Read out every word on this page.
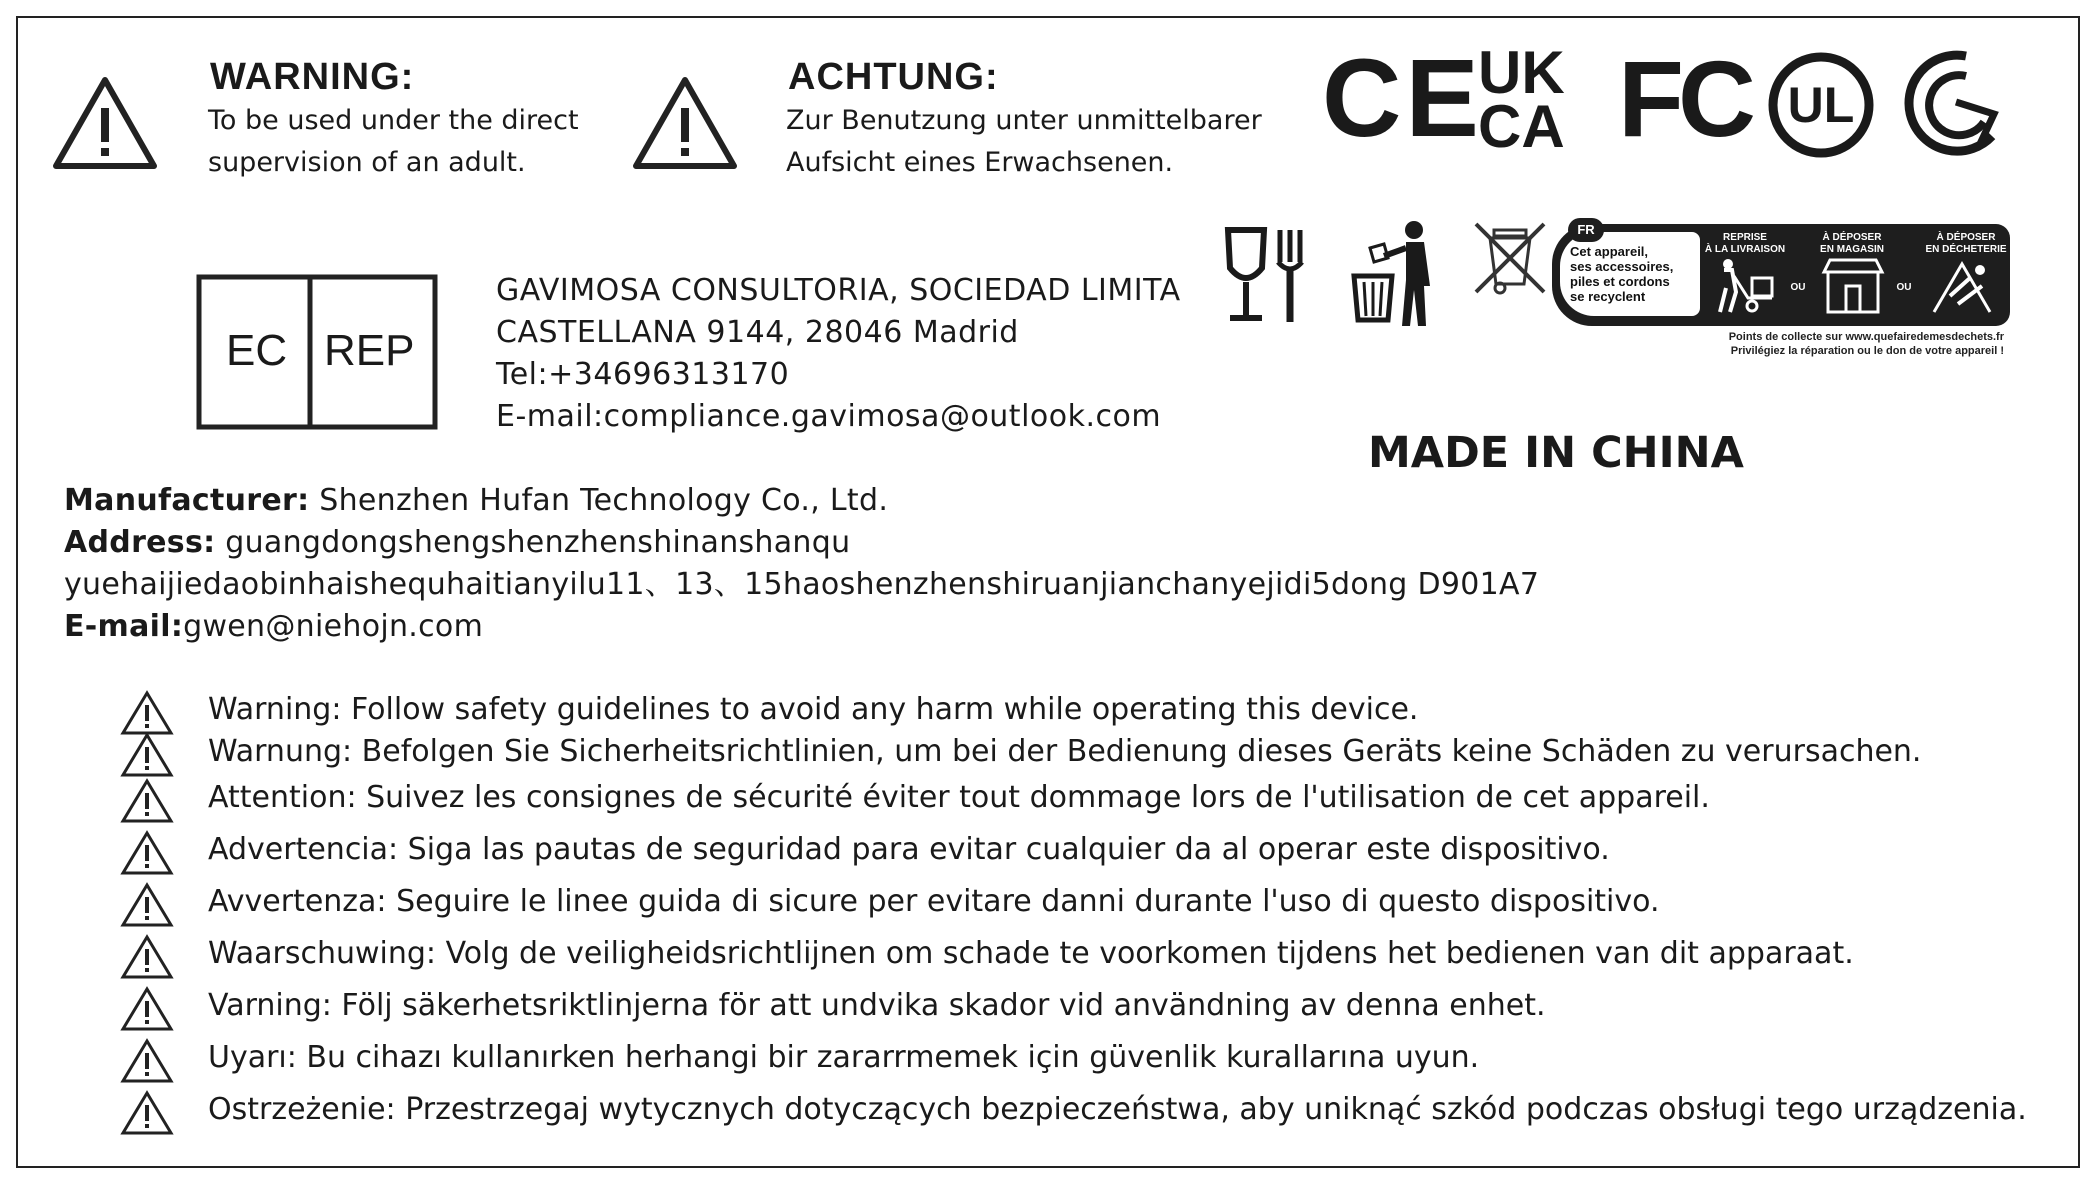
WARNING:
To be used under the direct
supervision of an adult.
ACHTUNG:
Zur Benutzung unter unmittelbarer
Aufsicht eines Erwachsenen.
CE
UK
CA FC UL
EC REP
GAVIMOSA CONSULTORIA, SOCIEDAD LIMITA
CASTELLANA 9144, 28046 Madrid
Tel:+34696313170
E-mail:compliance.gavimosa@outlook.com
FR
Cet appareil,
ses accessoires,
piles et cordons
se recyclent
REPRISE
À LA LIVRAISON
À DÉPOSER
EN MAGASIN
À DÉPOSER
EN DÉCHETERIE
OU	OU
Points de collecte sur www.quefairedemesdechets.fr
Privilégiez la réparation ou le don de votre appareil !
MADE IN CHINA
Manufacturer: Shenzhen Hufan Technology Co., Ltd.
Address: guangdongshengshenzhenshinanshanqu
yuehaijiedaobinhaishequhaitianyilu11、13、15haoshenzhenshiruanjianchanyejidi5dong D901A7
E-mail:gwen@niehojn.com
Warning: Follow safety guidelines to avoid any harm while operating this device.
Warnung: Befolgen Sie Sicherheitsrichtlinien, um bei der Bedienung dieses Geräts keine Schäden zu verursachen.
Attention: Suivez les consignes de sécurité éviter tout dommage lors de l'utilisation de cet appareil.
Advertencia: Siga las pautas de seguridad para evitar cualquier da al operar este dispositivo.
Avvertenza: Seguire le linee guida di sicure per evitare danni durante l'uso di questo dispositivo.
Waarschuwing: Volg de veiligheidsrichtlijnen om schade te voorkomen tijdens het bedienen van dit apparaat.
Varning: Följ säkerhetsriktlinjerna för att undvika skador vid användning av denna enhet.
Uyarı: Bu cihazı kullanırken herhangi bir zararrmemek için güvenlik kurallarına uyun.
Ostrzeżenie: Przestrzegaj wytycznych dotyczących bezpieczeństwa, aby uniknąć szkód podczas obsługi tego urządzenia.
